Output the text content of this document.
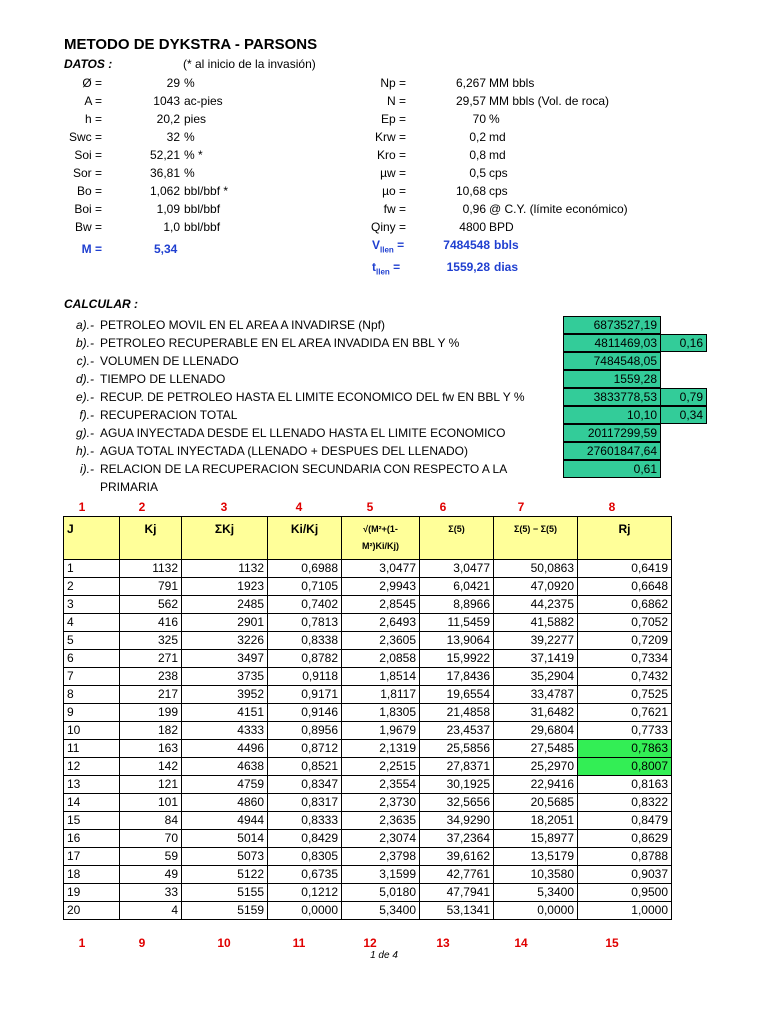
METODO DE DYKSTRA - PARSONS
DATOS :	(* al inicio de la invasión)
Ø =	29 %
A =	1043 ac-pies
h =	20,2 pies
Swc =	32 %
Soi =	52,21 % *
Sor =	36,81 %
Bo =	1,062 bbl/bbf *
Boi =	1,09 bbl/bbf
Bw =	1,0 bbl/bbf
M =	5,34
Np =	6,267 MM bbls
N =	29,57 MM bbls (Vol. de roca)
Ep =	70 %
Krw =	0,2 md
Kro =	0,8 md
µw =	0,5 cps
µo =	10,68 cps
fw =	0,96 @ C.Y. (límite económico)
Qiny =	4800 BPD
$V_{llen}$ =	7484548 bbls
$t_{llen}$ =	1559,28 dias
CALCULAR :
a).- PETROLEO MOVIL EN EL AREA A INVADIRSE (Npf)	6873527,19
b).- PETROLEO RECUPERABLE EN EL AREA INVADIDA EN BBL Y %	4811469,03	0,16
c).- VOLUMEN DE LLENADO	7484548,05
d).- TIEMPO DE LLENADO	1559,28
e).- RECUP. DE PETROLEO HASTA EL LIMITE ECONOMICO DEL fw EN BBL Y %	3833778,53	0,79
f).- RECUPERACION TOTAL	10,10	0,34
g).- AGUA INYECTADA DESDE EL LLENADO HASTA EL LIMITE ECONOMICO	20117299,59
h).- AGUA TOTAL INYECTADA (LLENADO + DESPUES DEL LLENADO)	27601847,64
i).- RELACION DE LA RECUPERACION SECUNDARIA CON RESPECTO A LA PRIMARIA
0,61
1	2	3	4	5	6	7	8
J	Kj	ΣKj	Ki/Kj	√(M²+(1-M²)Ki/Kj)	Σ(5)	Σ(5) − Σ(5)	Rj
1	1132	1132	0,6988	3,0477	3,0477	50,0863	0,6419
2	791	1923	0,7105	2,9943	6,0421	47,0920	0,6648
3	562	2485	0,7402	2,8545	8,8966	44,2375	0,6862
4	416	2901	0,7813	2,6493	11,5459	41,5882	0,7052
5	325	3226	0,8338	2,3605	13,9064	39,2277	0,7209
6	271	3497	0,8782	2,0858	15,9922	37,1419	0,7334
7	238	3735	0,9118	1,8514	17,8436	35,2904	0,7432
8	217	3952	0,9171	1,8117	19,6554	33,4787	0,7525
9	199	4151	0,9146	1,8305	21,4858	31,6482	0,7621
10	182	4333	0,8956	1,9679	23,4537	29,6804	0,7733
11	163	4496	0,8712	2,1319	25,5856	27,5485	0,7863
12	142	4638	0,8521	2,2515	27,8371	25,2970	0,8007
13	121	4759	0,8347	2,3554	30,1925	22,9416	0,8163
14	101	4860	0,8317	2,3730	32,5656	20,5685	0,8322
15	84	4944	0,8333	2,3635	34,9290	18,2051	0,8479
16	70	5014	0,8429	2,3074	37,2364	15,8977	0,8629
17	59	5073	0,8305	2,3798	39,6162	13,5179	0,8788
18	49	5122	0,6735	3,1599	42,7761	10,3580	0,9037
19	33	5155	0,1212	5,0180	47,7941	5,3400	0,9500
20	4	5159	0,0000	5,3400	53,1341	0,0000	1,0000
1	9	10	11	12	13	14	15
1 de 4
